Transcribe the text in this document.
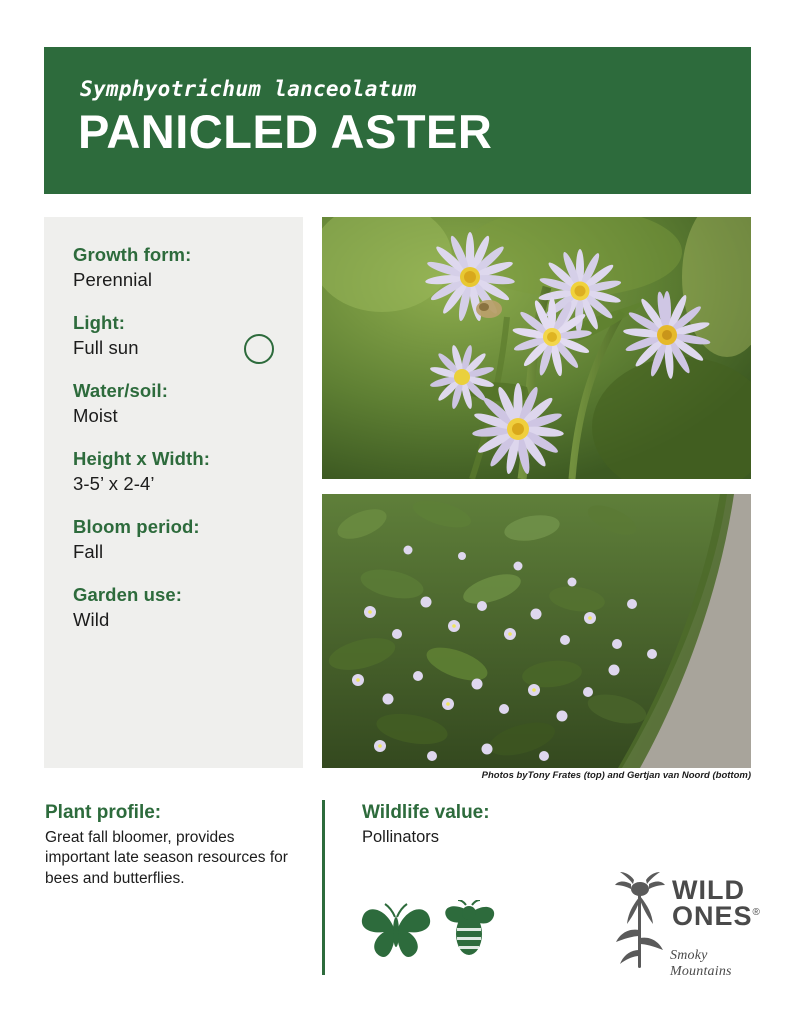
Symphyotrichum lanceolatum
PANICLED ASTER

Growth form:

Perennial

Light:

Full sun

Water/soil:

Moist

Height x Width:

3-5’ x 2-4’

Bloom period:

Fall

Garden use:

Wild

Photos byTony Frates (top) and Gertjan van Noord (bottom)

Plant profile:

Great fall bloomer, provides important late season resources for bees and butterflies.

Wildlife value:

Pollinators

WILD
ONES®
Smoky Mountains
